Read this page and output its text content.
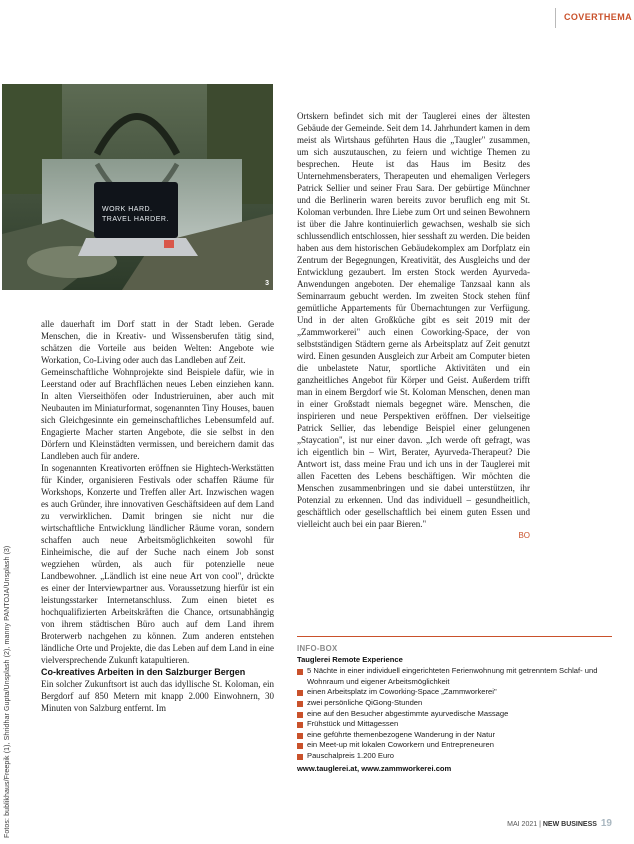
COVERTHEMA
WORK HARD.
TRAVEL HARDER.
3
Fotos: bublikhaus/Freepik (1), Shridhar Gupta/Unsplash (2), manny PANTOJA/Unsplash (3)

alle dauerhaft im Dorf statt in der Stadt leben. Gerade Menschen, die in Kreativ- und Wissensberufen tätig sind, schätzen die Vorteile aus beiden Welten: Angebote wie Workation, Co-Living oder auch das Landleben auf Zeit.

Gemeinschaftliche Wohnprojekte sind Beispiele dafür, wie in Leerstand oder auf Brachflächen neues Leben einziehen kann. In alten Vierseithöfen oder Industrieruinen, aber auch mit Neubauten im Miniaturformat, sogenannten Tiny Houses, bauen sich Gleichgesinnte ein gemeinschaftliches Lebensumfeld auf. Engagierte Macher starten Angebote, die sie selbst in den Dörfern und Kleinstädten vermissen, und bereichern damit das Landleben auch für andere.

In sogenannten Kreativorten eröffnen sie Hightech-Werkstätten für Kinder, organisieren Festivals oder schaffen Räume für Workshops, Konzerte und Treffen aller Art. Inzwischen wagen es auch Gründer, ihre innovativen Geschäftsideen auf dem Land zu verwirklichen. Damit bringen sie nicht nur die wirtschaftliche Entwicklung ländlicher Räume voran, sondern schaffen auch neue Arbeitsmöglichkeiten sowohl für Einheimische, die auf der Suche nach einem Job sonst wegziehen würden, als auch für potenzielle neue Landbewohner. „Ländlich ist eine neue Art von cool", drückte es einer der Interviewpartner aus. Voraussetzung hierfür ist ein leistungsstarker Internetanschluss. Zum einen bietet es hochqualifizierten Arbeitskräften die Chance, ortsunabhängig von ihrem städtischen Büro auch auf dem Land ihrem Broterwerb nachgehen zu können. Zum anderen entstehen ländliche Orte und Projekte, die das Leben auf dem Land in eine vielversprechende Zukunft katapultieren.

Co-kreatives Arbeiten in den Salzburger Bergen

Ein solcher Zukunftsort ist auch das idyllische St. Koloman, ein Bergdorf auf 850 Metern mit knapp 2.000 Einwohnern, 30 Minuten von Salzburg entfernt. Im

Ortskern befindet sich mit der Tauglerei eines der ältesten Gebäude der Gemeinde. Seit dem 14. Jahrhundert kamen in dem meist als Wirtshaus geführten Haus die „Taugler" zusammen, um sich auszutauschen, zu feiern und wichtige Themen zu besprechen. Heute ist das Haus im Besitz des Unternehmensberaters, Therapeuten und ehemaligen Verlegers Patrick Sellier und seiner Frau Sara. Der gebürtige Münchner und die Berlinerin waren bereits zuvor beruflich eng mit St. Koloman verbunden. Ihre Liebe zum Ort und seinen Bewohnern ist über die Jahre kontinuierlich gewachsen, weshalb sie sich schlussendlich entschlossen, hier sesshaft zu werden. Die beiden haben aus dem historischen Gebäudekomplex am Dorfplatz ein Zentrum der Begegnungen, Kreativität, des Ausgleichs und der Entwicklung gezaubert. Im ersten Stock werden Ayurveda-Anwendungen angeboten. Der ehemalige Tanzsaal kann als Seminarraum gebucht werden. Im zweiten Stock stehen fünf gemütliche Appartements für Übernachtungen zur Verfügung. Und in der alten Großküche gibt es seit 2019 mit der „Zammworkerei" auch einen Coworking-Space, der von selbstständigen Städtern gerne als Arbeitsplatz auf Zeit genutzt wird. Einen gesunden Ausgleich zur Arbeit am Computer bieten die unbelastete Natur, sportliche Aktivitäten und ein ganzheitliches Angebot für Körper und Geist. Außerdem trifft man in einem Bergdorf wie St. Koloman Menschen, denen man in einer Großstadt niemals begegnet wäre. Menschen, die inspirieren und neue Perspektiven eröffnen. Der vielseitige Patrick Sellier, das lebendige Beispiel einer gelungenen „Staycation", ist nur einer davon. „Ich werde oft gefragt, was ich eigentlich bin – Wirt, Berater, Ayurveda-Therapeut? Die Antwort ist, dass meine Frau und ich uns in der Tauglerei mit allen Facetten des Lebens beschäftigen. Wir möchten die Menschen zusammenbringen und sie dabei unterstützen, ihr Potenzial zu erkennen. Und das individuell – gesundheitlich, geschäftlich oder gesellschaftlich bei einem guten Essen und vielleicht auch bei ein paar Bieren."

BO
INFO-BOX
Tauglerei Remote Experience
5 Nächte in einer individuell eingerichteten Ferienwohnung mit getrenntem Schlaf- und Wohnraum und eigener Arbeitsmöglichkeit
einen Arbeitsplatz im Coworking-Space „Zammworkerei"
zwei persönliche QiGong-Stunden
eine auf den Besucher abgestimmte ayurvedische Massage
Frühstück und Mittagessen
eine geführte themenbezogene Wanderung in der Natur
ein Meet-up mit lokalen Coworkern und Entrepreneuren
Pauschalpreis 1.200 Euro
www.tauglerei.at, www.zammworkerei.com
MAI 2021 | NEW BUSINESS 19
